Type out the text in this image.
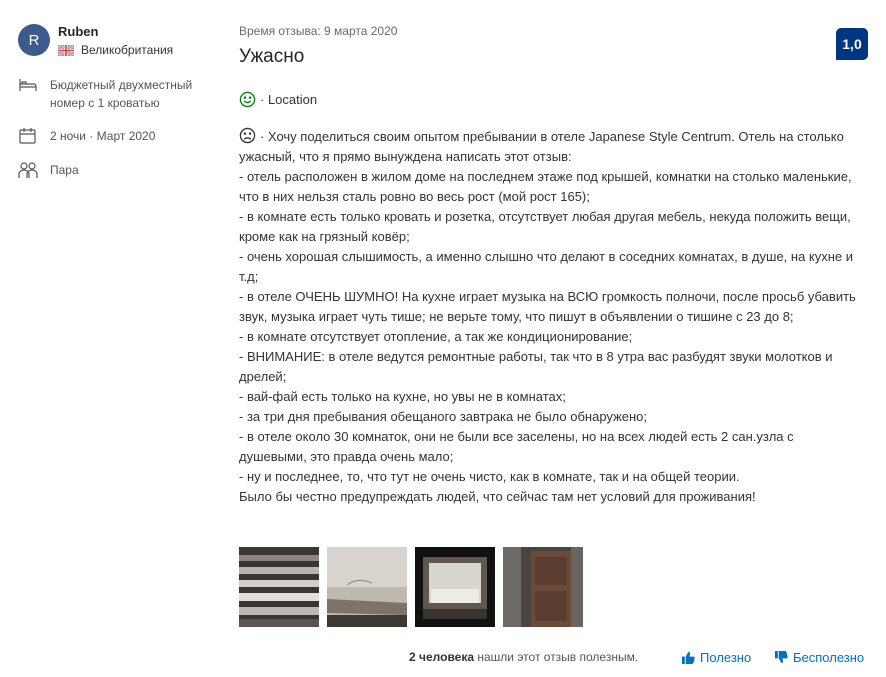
R	Ruben
Великобритания
Бюджетный двухместный номер с 1 кроватью
2 ночи · Март 2020
Пара
Время отзыва: 9 марта 2020
Ужасно
1,0
· Location

· Хочу поделиться своим опытом пребывании в отеле Japanese Style Centrum. Отель на столько ужасный, что я прямо вынуждена написать этот отзыв:

- отель расположен в жилом доме на последнем этаже под крышей, комнатки на столько маленькие, что в них нельзя сталь ровно во весь рост (мой рост 165);

- в комнате есть только кровать и розетка, отсутствует любая другая мебель, некуда положить вещи, кроме как на грязный ковёр;

- очень хорошая слышимость, а именно слышно что делают в соседних комнатах, в душе, на кухне и т.д;

- в отеле ОЧЕНЬ ШУМНО! На кухне играет музыка на ВСЮ громкость полночи, после просьб убавить звук, музыка играет чуть тише; не верьте тому, что пишут в объявлении о тишине с 23 до 8;

- в комнате отсутствует отопление, а так же кондиционирование;

- ВНИМАНИЕ: в отеле ведутся ремонтные работы, так что в 8 утра вас разбудят звуки молотков и дрелей;

- вай-фай есть только на кухне, но увы не в комнатах;

- за три дня пребывания обещаного завтрака не было обнаружено;

- в отеле около 30 комнаток, они не были все заселены, но на всех людей есть 2 сан.узла с душевыми, это правда очень мало;

- ну и последнее, то, что тут не очень чисто, как в комнате, так и на общей теории.

Было бы честно предупреждать людей, что сейчас там нет условий для проживания!

2 человека нашли этот отзыв полезным.	Полезно	Бесполезно
